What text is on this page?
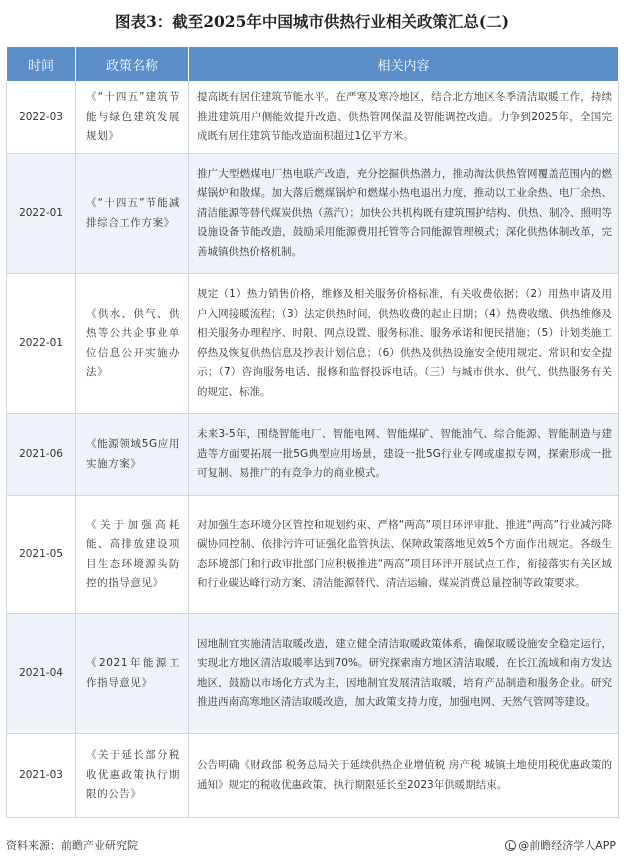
图表3：截至2025年中国城市供热行业相关政策汇总(二)
时间	政策名称	相关内容
2022-03	《“十四五”建筑节能与绿色建筑发展规划》	提高既有居住建筑节能水平。在严寒及寒冷地区，结合北方地区冬季清洁取暖工作，持续推进建筑用户侧能效提升改造、供热管网保温及智能调控改造。力争到2025年，全国完成既有居住建筑节能改造面积超过1亿平方米。
2022-01	《“十四五”节能减排综合工作方案》	推广大型燃煤电厂热电联产改造，充分挖掘供热潜力，推动淘汰供热管网覆盖范围内的燃煤锅炉和散煤。加大落后燃煤锅炉和燃煤小热电退出力度，推动以工业余热、电厂余热、清洁能源等替代煤炭供热（蒸汽）；加快公共机构既有建筑围护结构、供热、制冷、照明等设施设备节能改造，鼓励采用能源费用托管等合同能源管理模式；深化供热体制改革，完善城镇供热价格机制。
2022-01	《供水、供气、供热等公共企事业单位信息公开实施办法》	规定（1）热力销售价格，维修及相关服务价格标准，有关收费依据；（2）用热申请及用户入网接暖流程；（3）法定供热时间，供热收费的起止日期；（4）热费收缴、供热维修及相关服务办理程序、时限、网点设置、服务标准、服务承诺和便民措施；（5）计划类施工停热及恢复供热信息及抄表计划信息；（6）供热及供热设施安全使用规定、常识和安全提示；（7）咨询服务电话、报修和监督投诉电话。（三）与城市供水、供气、供热服务有关的规定、标准。
2021-06	《能源领域5G应用实施方案》	未来3-5年，围绕智能电厂、智能电网、智能煤矿、智能油气、综合能源、智能制造与建造等方面要拓展一批5G典型应用场景，建设一批5G行业专网或虚拟专网，探索形成一批可复制、易推广的有竞争力的商业模式。
2021-05	《关于加强高耗能、高排放建设项目生态环境源头防控的指导意见》	对加强生态环境分区管控和规划约束、严格“两高”项目环评审批、推进“两高”行业减污降碳协同控制、依排污许可证强化监管执法、保障政策落地见效5个方面作出规定。各级生态环境部门和行政审批部门应积极推进“两高”项目环评开展试点工作，衔接落实有关区域和行业碳达峰行动方案、清洁能源替代、清洁运输、煤炭消费总量控制等政策要求。
2021-04	《2021年能源工作指导意见》	因地制宜实施清洁取暖改造，建立健全清洁取暖政策体系，确保取暖设施安全稳定运行，实现北方地区清洁取暖率达到70%。研究探索南方地区清洁取暖，在长江流域和南方发达地区，鼓励以市场化方式为主，因地制宜发展清洁取暖，培育产品制造和服务企业。研究推进西南高寒地区清洁取暖改造，加大政策支持力度，加强电网、天然气管网等建设。
2021-03	《关于延长部分税收优惠政策执行期限的公告》	公告明确《财政部 税务总局关于延续供热企业增值税 房产税 城镇土地使用税优惠政策的通知》规定的税收优惠政策，执行期限延长至2023年供暖期结束。
资料来源：前瞻产业研究院	@前瞻经济学人APP
